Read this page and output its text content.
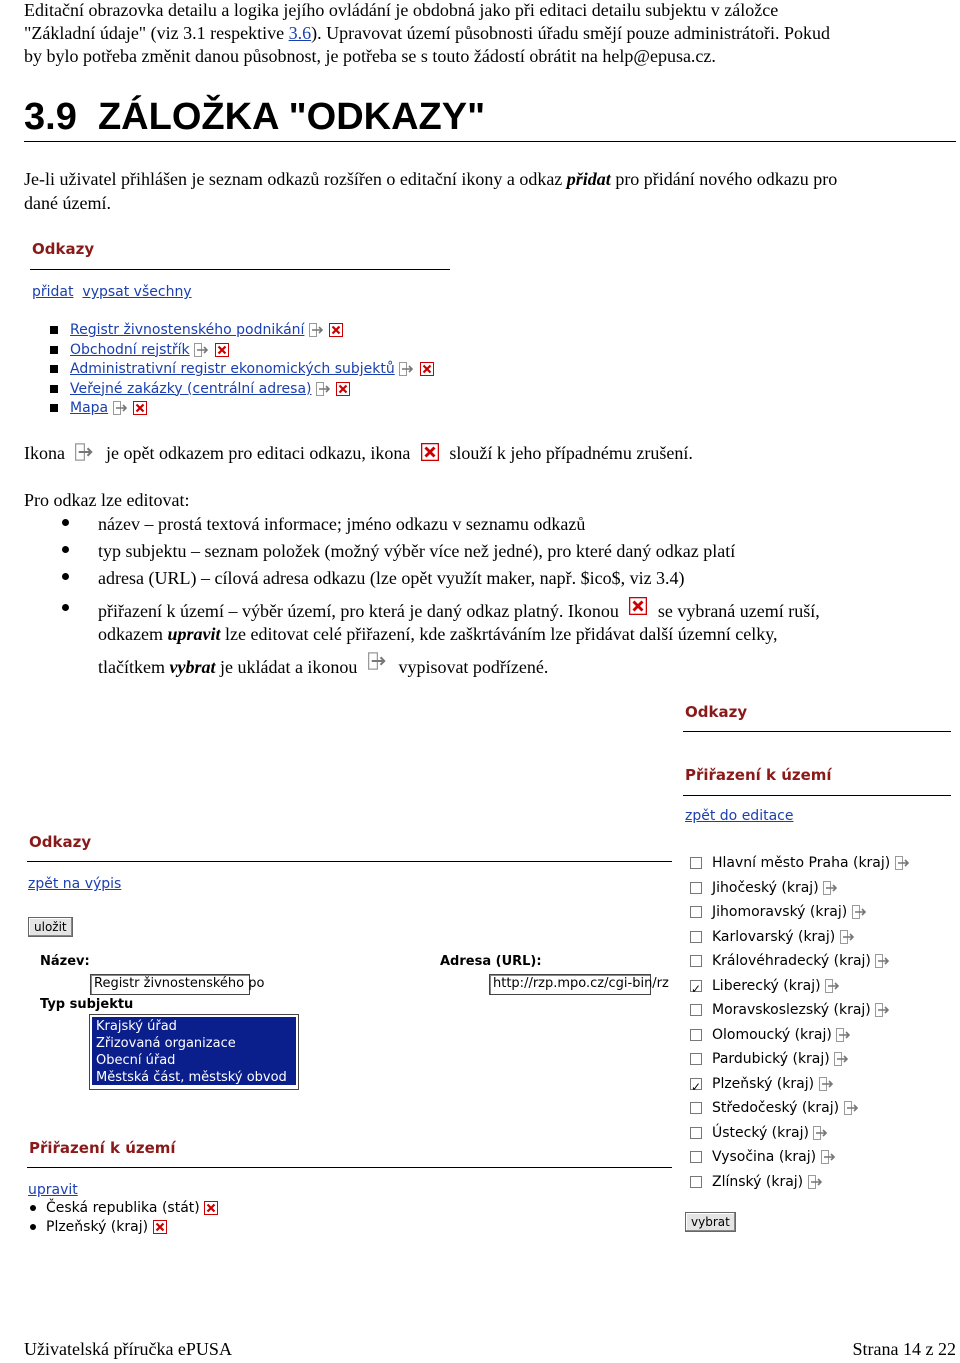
Editační obrazovka detailu a logika jejího ovládání je obdobná jako při editaci detailu subjektu v záložce
"Základní údaje" (viz 3.1 respektive 3.6). Upravovat území působnosti úřadu smějí pouze administrátoři. Pokud
by bylo potřeba změnit danou působnost, je potřeba se s touto žádostí obrátit na help@epusa.cz.
3.9 ZÁLOŽKA "ODKAZY"
Je-li uživatel přihlášen je seznam odkazů rozšířen o editační ikony a odkaz přidat pro přidání nového odkazu pro
dané území.
Odkazy
přidat vypsat všechny
Registr živnostenského podnikání
Obchodní rejstřík
Administrativní registr ekonomických subjektů
Veřejné zakázky (centrální adresa)
Mapa
Ikona je opět odkazem pro editaci odkazu, ikona slouží k jeho případnému zrušení.
Pro odkaz lze editovat:
název – prostá textová informace; jméno odkazu v seznamu odkazů
typ subjektu – seznam položek (možný výběr více než jedné), pro které daný odkaz platí
adresa (URL) – cílová adresa odkazu (lze opět využít maker, např. $ico$, viz 3.4)
přiřazení k území – výběr území, pro která je daný odkaz platný. Ikonou se vybraná uzemí ruší,
odkazem upravit lze editovat celé přiřazení, kde zaškrtáváním lze přidávat další územní celky,
tlačítkem vybrat je ukládat a ikonou vypisovat podřízené.
Odkazy
zpět na výpis
uložit
Název:
Registr živnostenského po
Adresa (URL):
http://rzp.mpo.cz/cgi-bin/rz
Typ subjektu
Krajský úřad
Zřizovaná organizace
Obecní úřad
Městská část, městský obvod
Přiřazení k území
upravit
Česká republika (stát)
Plzeňský (kraj)
Odkazy
Přiřazení k území
zpět do editace
Hlavní město Praha (kraj)
Jihočeský (kraj)
Jihomoravský (kraj)
Karlovarský (kraj)
Královéhradecký (kraj)
✓Liberecký (kraj)
Moravskoslezský (kraj)
Olomoucký (kraj)
Pardubický (kraj)
✓Plzeňský (kraj)
Středočeský (kraj)
Ústecký (kraj)
Vysočina (kraj)
Zlínský (kraj)
vybrat
Uživatelská příručka ePUSA	Strana 14 z 22
